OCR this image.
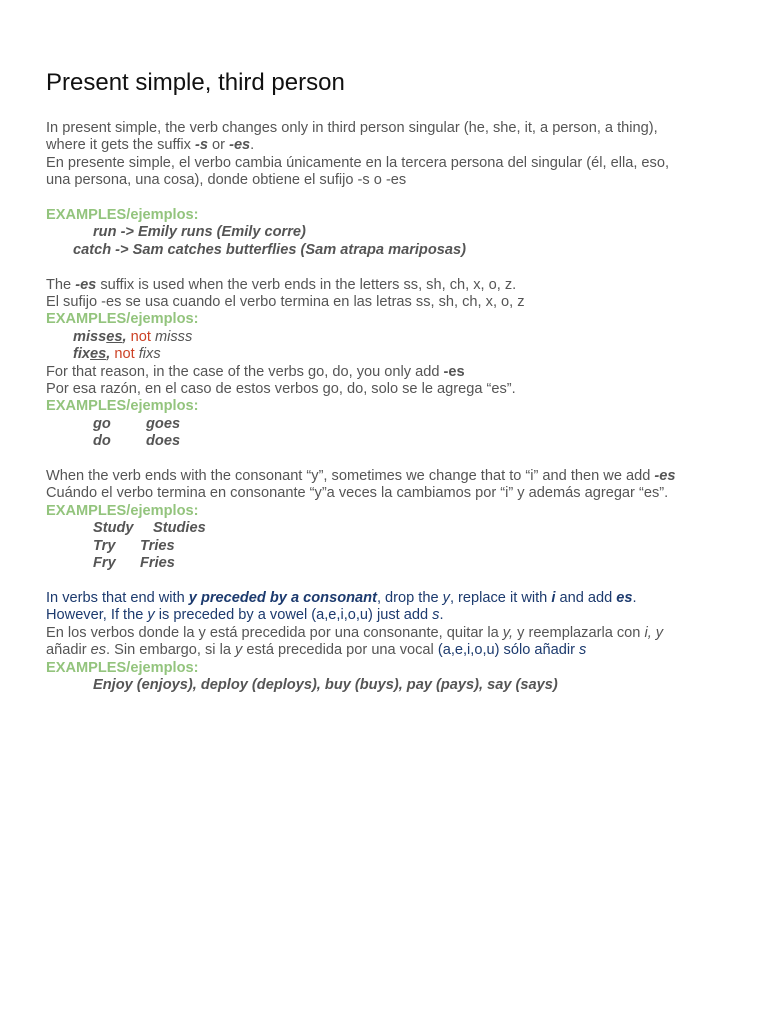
Present simple, third person
In present simple, the verb changes only in third person singular (he, she, it, a person, a thing),
where it gets the suffix -s or -es.
En presente simple, el verbo cambia únicamente en la tercera persona del singular (él, ella, eso,
una persona, una cosa), donde obtiene el sufijo -s o -es
EXAMPLES/ejemplos:
run -> Emily runs (Emily corre)
catch -> Sam catches butterflies (Sam atrapa mariposas)
The -es suffix is used when the verb ends in the letters ss, sh, ch, x, o, z.
El sufijo -es se usa cuando el verbo termina en las letras ss, sh, ch, x, o, z
EXAMPLES/ejemplos:
misses, not misss
fixes, not fixs
For that reason, in the case of the verbs go, do, you only add -es
Por esa razón, en el caso de estos verbos go, do, solo se le agrega “es”.
EXAMPLES/ejemplos:
go goes
do does
When the verb ends with the consonant “y”, sometimes we change that to “i” and then we add -es
Cuándo el verbo termina en consonante “y”a veces la cambiamos por “i” y además agregar “es”.
EXAMPLES/ejemplos:
Study Studies
Try Tries
Fry Fries
In verbs that end with y preceded by a consonant, drop the y, replace it with i and add es.
However, If the y is preceded by a vowel (a,e,i,o,u) just add s.
En los verbos donde la y está precedida por una consonante, quitar la y, y reemplazarla con i, y
añadir es. Sin embargo, si la y está precedida por una vocal (a,e,i,o,u) sólo añadir s
EXAMPLES/ejemplos:
Enjoy (enjoys), deploy (deploys), buy (buys), pay (pays), say (says)
